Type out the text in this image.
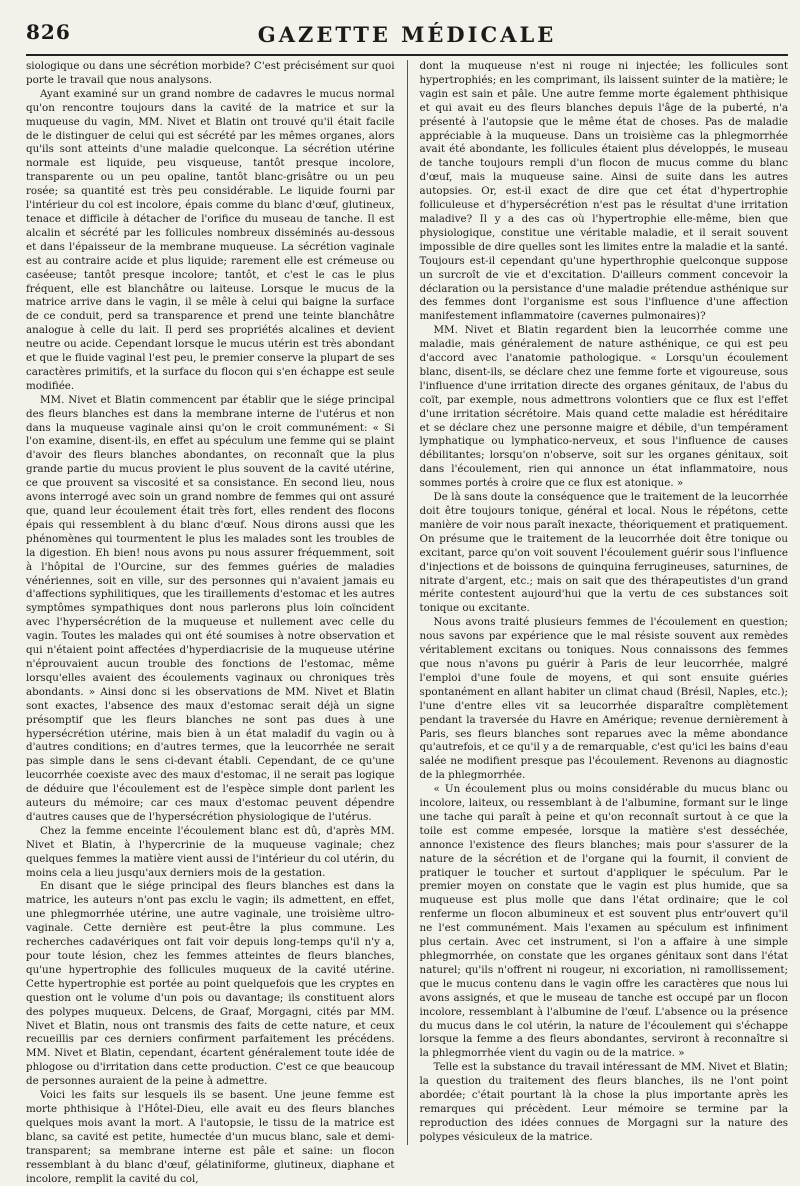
826	GAZETTE MÉDICALE

siologique ou dans une sécrétion morbide? C'est précisément sur quoi porte le travail que nous analysons.

Ayant examiné sur un grand nombre de cadavres le mucus normal qu'on rencontre toujours dans la cavité de la matrice et sur la muqueuse du vagin, MM. Nivet et Blatin ont trouvé qu'il était facile de le distinguer de celui qui est sécrété par les mêmes organes, alors qu'ils sont atteints d'une maladie quelconque. La sécrétion utérine normale est liquide, peu visqueuse, tantôt presque incolore, transparente ou un peu opaline, tantôt blanc-grisâtre ou un peu rosée; sa quantité est très peu considérable. Le liquide fourni par l'intérieur du col est incolore, épais comme du blanc d'œuf, glutineux, tenace et difficile à détacher de l'orifice du museau de tanche. Il est alcalin et sécrété par les follicules nombreux disséminés au-dessous et dans l'épaisseur de la membrane muqueuse. La sécrétion vaginale est au contraire acide et plus liquide; rarement elle est crémeuse ou caséeuse; tantôt presque incolore; tantôt, et c'est le cas le plus fréquent, elle est blanchâtre ou laiteuse. Lorsque le mucus de la matrice arrive dans le vagin, il se mêle à celui qui baigne la surface de ce conduit, perd sa transparence et prend une teinte blanchâtre analogue à celle du lait. Il perd ses propriétés alcalines et devient neutre ou acide. Cependant lorsque le mucus utérin est très abondant et que le fluide vaginal l'est peu, le premier conserve la plupart de ses caractères primitifs, et la surface du flocon qui s'en échappe est seule modifiée.

MM. Nivet et Blatin commencent par établir que le siége principal des fleurs blanches est dans la membrane interne de l'utérus et non dans la muqueuse vaginale ainsi qu'on le croit communément: « Si l'on examine, disent-ils, en effet au spéculum une femme qui se plaint d'avoir des fleurs blanches abondantes, on reconnaît que la plus grande partie du mucus provient le plus souvent de la cavité utérine, ce que prouvent sa viscosité et sa consistance. En second lieu, nous avons interrogé avec soin un grand nombre de femmes qui ont assuré que, quand leur écoulement était très fort, elles rendent des flocons épais qui ressemblent à du blanc d'œuf. Nous dirons aussi que les phénomènes qui tourmentent le plus les malades sont les troubles de la digestion. Eh bien! nous avons pu nous assurer fréquemment, soit à l'hôpital de l'Ourcine, sur des femmes guéries de maladies vénériennes, soit en ville, sur des personnes qui n'avaient jamais eu d'affections syphilitiques, que les tiraillements d'estomac et les autres symptômes sympathiques dont nous parlerons plus loin coïncident avec l'hypersécrétion de la muqueuse et nullement avec celle du vagin. Toutes les malades qui ont été soumises à notre observation et qui n'étaient point affectées d'hyperdiacrisie de la muqueuse utérine n'éprouvaient aucun trouble des fonctions de l'estomac, même lorsqu'elles avaient des écoulements vaginaux ou chroniques très abondants. » Ainsi donc si les observations de MM. Nivet et Blatin sont exactes, l'absence des maux d'estomac serait déjà un signe présomptif que les fleurs blanches ne sont pas dues à une hypersécrétion utérine, mais bien à un état maladif du vagin ou à d'autres conditions; en d'autres termes, que la leucorrhée ne serait pas simple dans le sens ci-devant établi. Cependant, de ce qu'une leucorrhée coexiste avec des maux d'estomac, il ne serait pas logique de déduire que l'écoulement est de l'espèce simple dont parlent les auteurs du mémoire; car ces maux d'estomac peuvent dépendre d'autres causes que de l'hypersécrétion physiologique de l'utérus.

Chez la femme enceinte l'écoulement blanc est dû, d'après MM. Nivet et Blatin, à l'hypercrinie de la muqueuse vaginale; chez quelques femmes la matière vient aussi de l'intérieur du col utérin, du moins cela a lieu jusqu'aux derniers mois de la gestation.

En disant que le siége principal des fleurs blanches est dans la matrice, les auteurs n'ont pas exclu le vagin; ils admettent, en effet, une phlegmorrhée utérine, une autre vaginale, une troisième ultro-vaginale. Cette dernière est peut-être la plus commune. Les recherches cadavériques ont fait voir depuis long-temps qu'il n'y a, pour toute lésion, chez les femmes atteintes de fleurs blanches, qu'une hypertrophie des follicules muqueux de la cavité utérine. Cette hypertrophie est portée au point quelquefois que les cryptes en question ont le volume d'un pois ou davantage; ils constituent alors des polypes muqueux. Delcens, de Graaf, Morgagni, cités par MM. Nivet et Blatin, nous ont transmis des faits de cette nature, et ceux recueillis par ces derniers confirment parfaitement les précédens. MM. Nivet et Blatin, cependant, écartent généralement toute idée de phlogose ou d'irritation dans cette production. C'est ce que beaucoup de personnes auraient de la peine à admettre.

Voici les faits sur lesquels ils se basent. Une jeune femme est morte phthisique à l'Hôtel-Dieu, elle avait eu des fleurs blanches quelques mois avant la mort. A l'autopsie, le tissu de la matrice est blanc, sa cavité est petite, humectée d'un mucus blanc, sale et demi-transparent; sa membrane interne est pâle et saine: un flocon ressemblant à du blanc d'œuf, gélatiniforme, glutineux, diaphane et incolore, remplit la cavité du col,

dont la muqueuse n'est ni rouge ni injectée; les follicules sont hypertrophiés; en les comprimant, ils laissent suinter de la matière; le vagin est sain et pâle. Une autre femme morte également phthisique et qui avait eu des fleurs blanches depuis l'âge de la puberté, n'a présenté à l'autopsie que le même état de choses. Pas de maladie appréciable à la muqueuse. Dans un troisième cas la phlegmorrhée avait été abondante, les follicules étaient plus développés, le museau de tanche toujours rempli d'un flocon de mucus comme du blanc d'œuf, mais la muqueuse saine. Ainsi de suite dans les autres autopsies. Or, est-il exact de dire que cet état d'hypertrophie folliculeuse et d'hypersécrétion n'est pas le résultat d'une irritation maladive? Il y a des cas où l'hypertrophie elle-même, bien que physiologique, constitue une véritable maladie, et il serait souvent impossible de dire quelles sont les limites entre la maladie et la santé. Toujours est-il cependant qu'une hyperthrophie quelconque suppose un surcroît de vie et d'excitation. D'ailleurs comment concevoir la déclaration ou la persistance d'une maladie prétendue asthénique sur des femmes dont l'organisme est sous l'influence d'une affection manifestement inflammatoire (cavernes pulmonaires)?

MM. Nivet et Blatin regardent bien la leucorrhée comme une maladie, mais généralement de nature asthénique, ce qui est peu d'accord avec l'anatomie pathologique. « Lorsqu'un écoulement blanc, disent-ils, se déclare chez une femme forte et vigoureuse, sous l'influence d'une irritation directe des organes génitaux, de l'abus du coït, par exemple, nous admettrons volontiers que ce flux est l'effet d'une irritation sécrétoire. Mais quand cette maladie est héréditaire et se déclare chez une personne maigre et débile, d'un tempérament lymphatique ou lymphatico-nerveux, et sous l'influence de causes débilitantes; lorsqu'on n'observe, soit sur les organes génitaux, soit dans l'écoulement, rien qui annonce un état inflammatoire, nous sommes portés à croire que ce flux est atonique. »

De là sans doute la conséquence que le traitement de la leucorrhée doit être toujours tonique, général et local. Nous le répétons, cette manière de voir nous paraît inexacte, théoriquement et pratiquement. On présume que le traitement de la leucorrhée doit être tonique ou excitant, parce qu'on voit souvent l'écoulement guérir sous l'influence d'injections et de boissons de quinquina ferrugineuses, saturnines, de nitrate d'argent, etc.; mais on sait que des thérapeutistes d'un grand mérite contestent aujourd'hui que la vertu de ces substances soit tonique ou excitante.

Nous avons traité plusieurs femmes de l'écoulement en question; nous savons par expérience que le mal résiste souvent aux remèdes véritablement excitans ou toniques. Nous connaissons des femmes que nous n'avons pu guérir à Paris de leur leucorrhée, malgré l'emploi d'une foule de moyens, et qui sont ensuite guéries spontanément en allant habiter un climat chaud (Brésil, Naples, etc.); l'une d'entre elles vit sa leucorrhée disparaître complètement pendant la traversée du Havre en Amérique; revenue dernièrement à Paris, ses fleurs blanches sont reparues avec la même abondance qu'autrefois, et ce qu'il y a de remarquable, c'est qu'ici les bains d'eau salée ne modifient presque pas l'écoulement. Revenons au diagnostic de la phlegmorrhée.

« Un écoulement plus ou moins considérable du mucus blanc ou incolore, laiteux, ou ressemblant à de l'albumine, formant sur le linge une tache qui paraît à peine et qu'on reconnaît surtout à ce que la toile est comme empesée, lorsque la matière s'est desséchée, annonce l'existence des fleurs blanches; mais pour s'assurer de la nature de la sécrétion et de l'organe qui la fournit, il convient de pratiquer le toucher et surtout d'appliquer le spéculum. Par le premier moyen on constate que le vagin est plus humide, que sa muqueuse est plus molle que dans l'état ordinaire; que le col renferme un flocon albumineux et est souvent plus entr'ouvert qu'il ne l'est communément. Mais l'examen au spéculum est infiniment plus certain. Avec cet instrument, si l'on a affaire à une simple phlegmorrhée, on constate que les organes génitaux sont dans l'état naturel; qu'ils n'offrent ni rougeur, ni excoriation, ni ramollissement; que le mucus contenu dans le vagin offre les caractères que nous lui avons assignés, et que le museau de tanche est occupé par un flocon incolore, ressemblant à l'albumine de l'œuf. L'absence ou la présence du mucus dans le col utérin, la nature de l'écoulement qui s'échappe lorsque la femme a des fleurs abondantes, serviront à reconnaître si la phlegmorrhée vient du vagin ou de la matrice. »

Telle est la substance du travail intéressant de MM. Nivet et Blatin; la question du traitement des fleurs blanches, ils ne l'ont point abordée; c'était pourtant là la chose la plus importante après les remarques qui précèdent. Leur mémoire se termine par la reproduction des idées connues de Morgagni sur la nature des polypes vésiculeux de la matrice.
